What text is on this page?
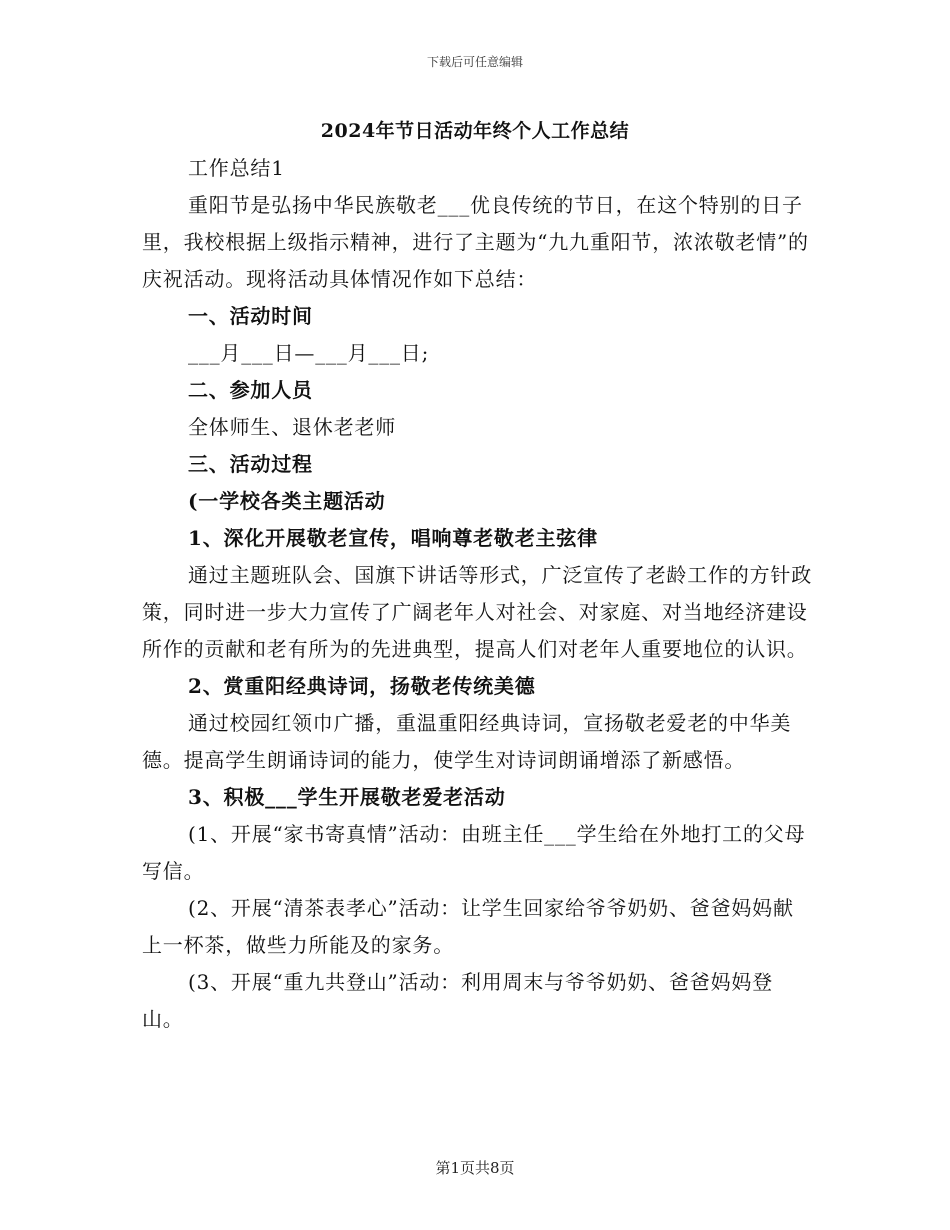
下载后可任意编辑
2024年节日活动年终个人工作总结

工作总结1

重阳节是弘扬中华民族敬老___优良传统的节日，在这个特别的日子里，我校根据上级指示精神，进行了主题为“九九重阳节，浓浓敬老情”的庆祝活动。现将活动具体情况作如下总结：

一、活动时间

___月___日—___月___日;

二、参加人员

全体师生、退休老老师

三、活动过程

(一学校各类主题活动

1、深化开展敬老宣传，唱响尊老敬老主弦律

通过主题班队会、国旗下讲话等形式，广泛宣传了老龄工作的方针政策，同时进一步大力宣传了广阔老年人对社会、对家庭、对当地经济建设所作的贡献和老有所为的先进典型，提高人们对老年人重要地位的认识。

2、赏重阳经典诗词，扬敬老传统美德

通过校园红领巾广播，重温重阳经典诗词，宣扬敬老爱老的中华美德。提高学生朗诵诗词的能力，使学生对诗词朗诵增添了新感悟。

3、积极___学生开展敬老爱老活动

(1、开展“家书寄真情”活动：由班主任___学生给在外地打工的父母写信。

(2、开展“清茶表孝心”活动：让学生回家给爷爷奶奶、爸爸妈妈献上一杯茶，做些力所能及的家务。

(3、开展“重九共登山”活动：利用周末与爷爷奶奶、爸爸妈妈登山。

第1页共8页
